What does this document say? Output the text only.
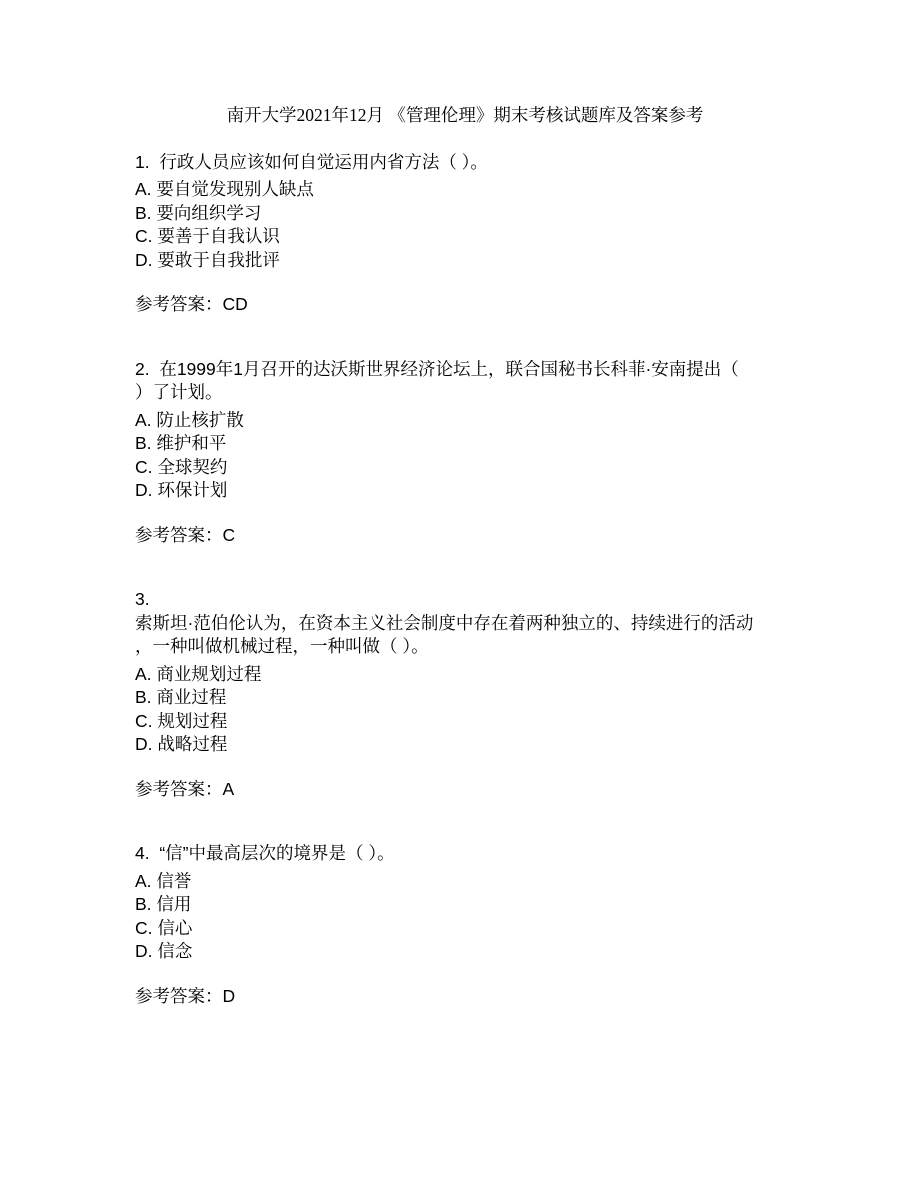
南开大学2021年12月 《管理伦理》期末考核试题库及答案参考
1.  行政人员应该如何自觉运用内省方法（ ）。
A. 要自觉发现别人缺点
B. 要向组织学习
C. 要善于自我认识
D. 要敢于自我批评
参考答案：CD
2.  在1999年1月召开的达沃斯世界经济论坛上，联合国秘书长科菲·安南提出（
）了计划。
A. 防止核扩散
B. 维护和平
C. 全球契约
D. 环保计划
参考答案：C
3.
索斯坦·范伯伦认为，在资本主义社会制度中存在着两种独立的、持续进行的活动
，一种叫做机械过程，一种叫做（ ）。
A. 商业规划过程
B. 商业过程
C. 规划过程
D. 战略过程
参考答案：A
4.  “信”中最高层次的境界是（ ）。
A. 信誉
B. 信用
C. 信心
D. 信念
参考答案：D
